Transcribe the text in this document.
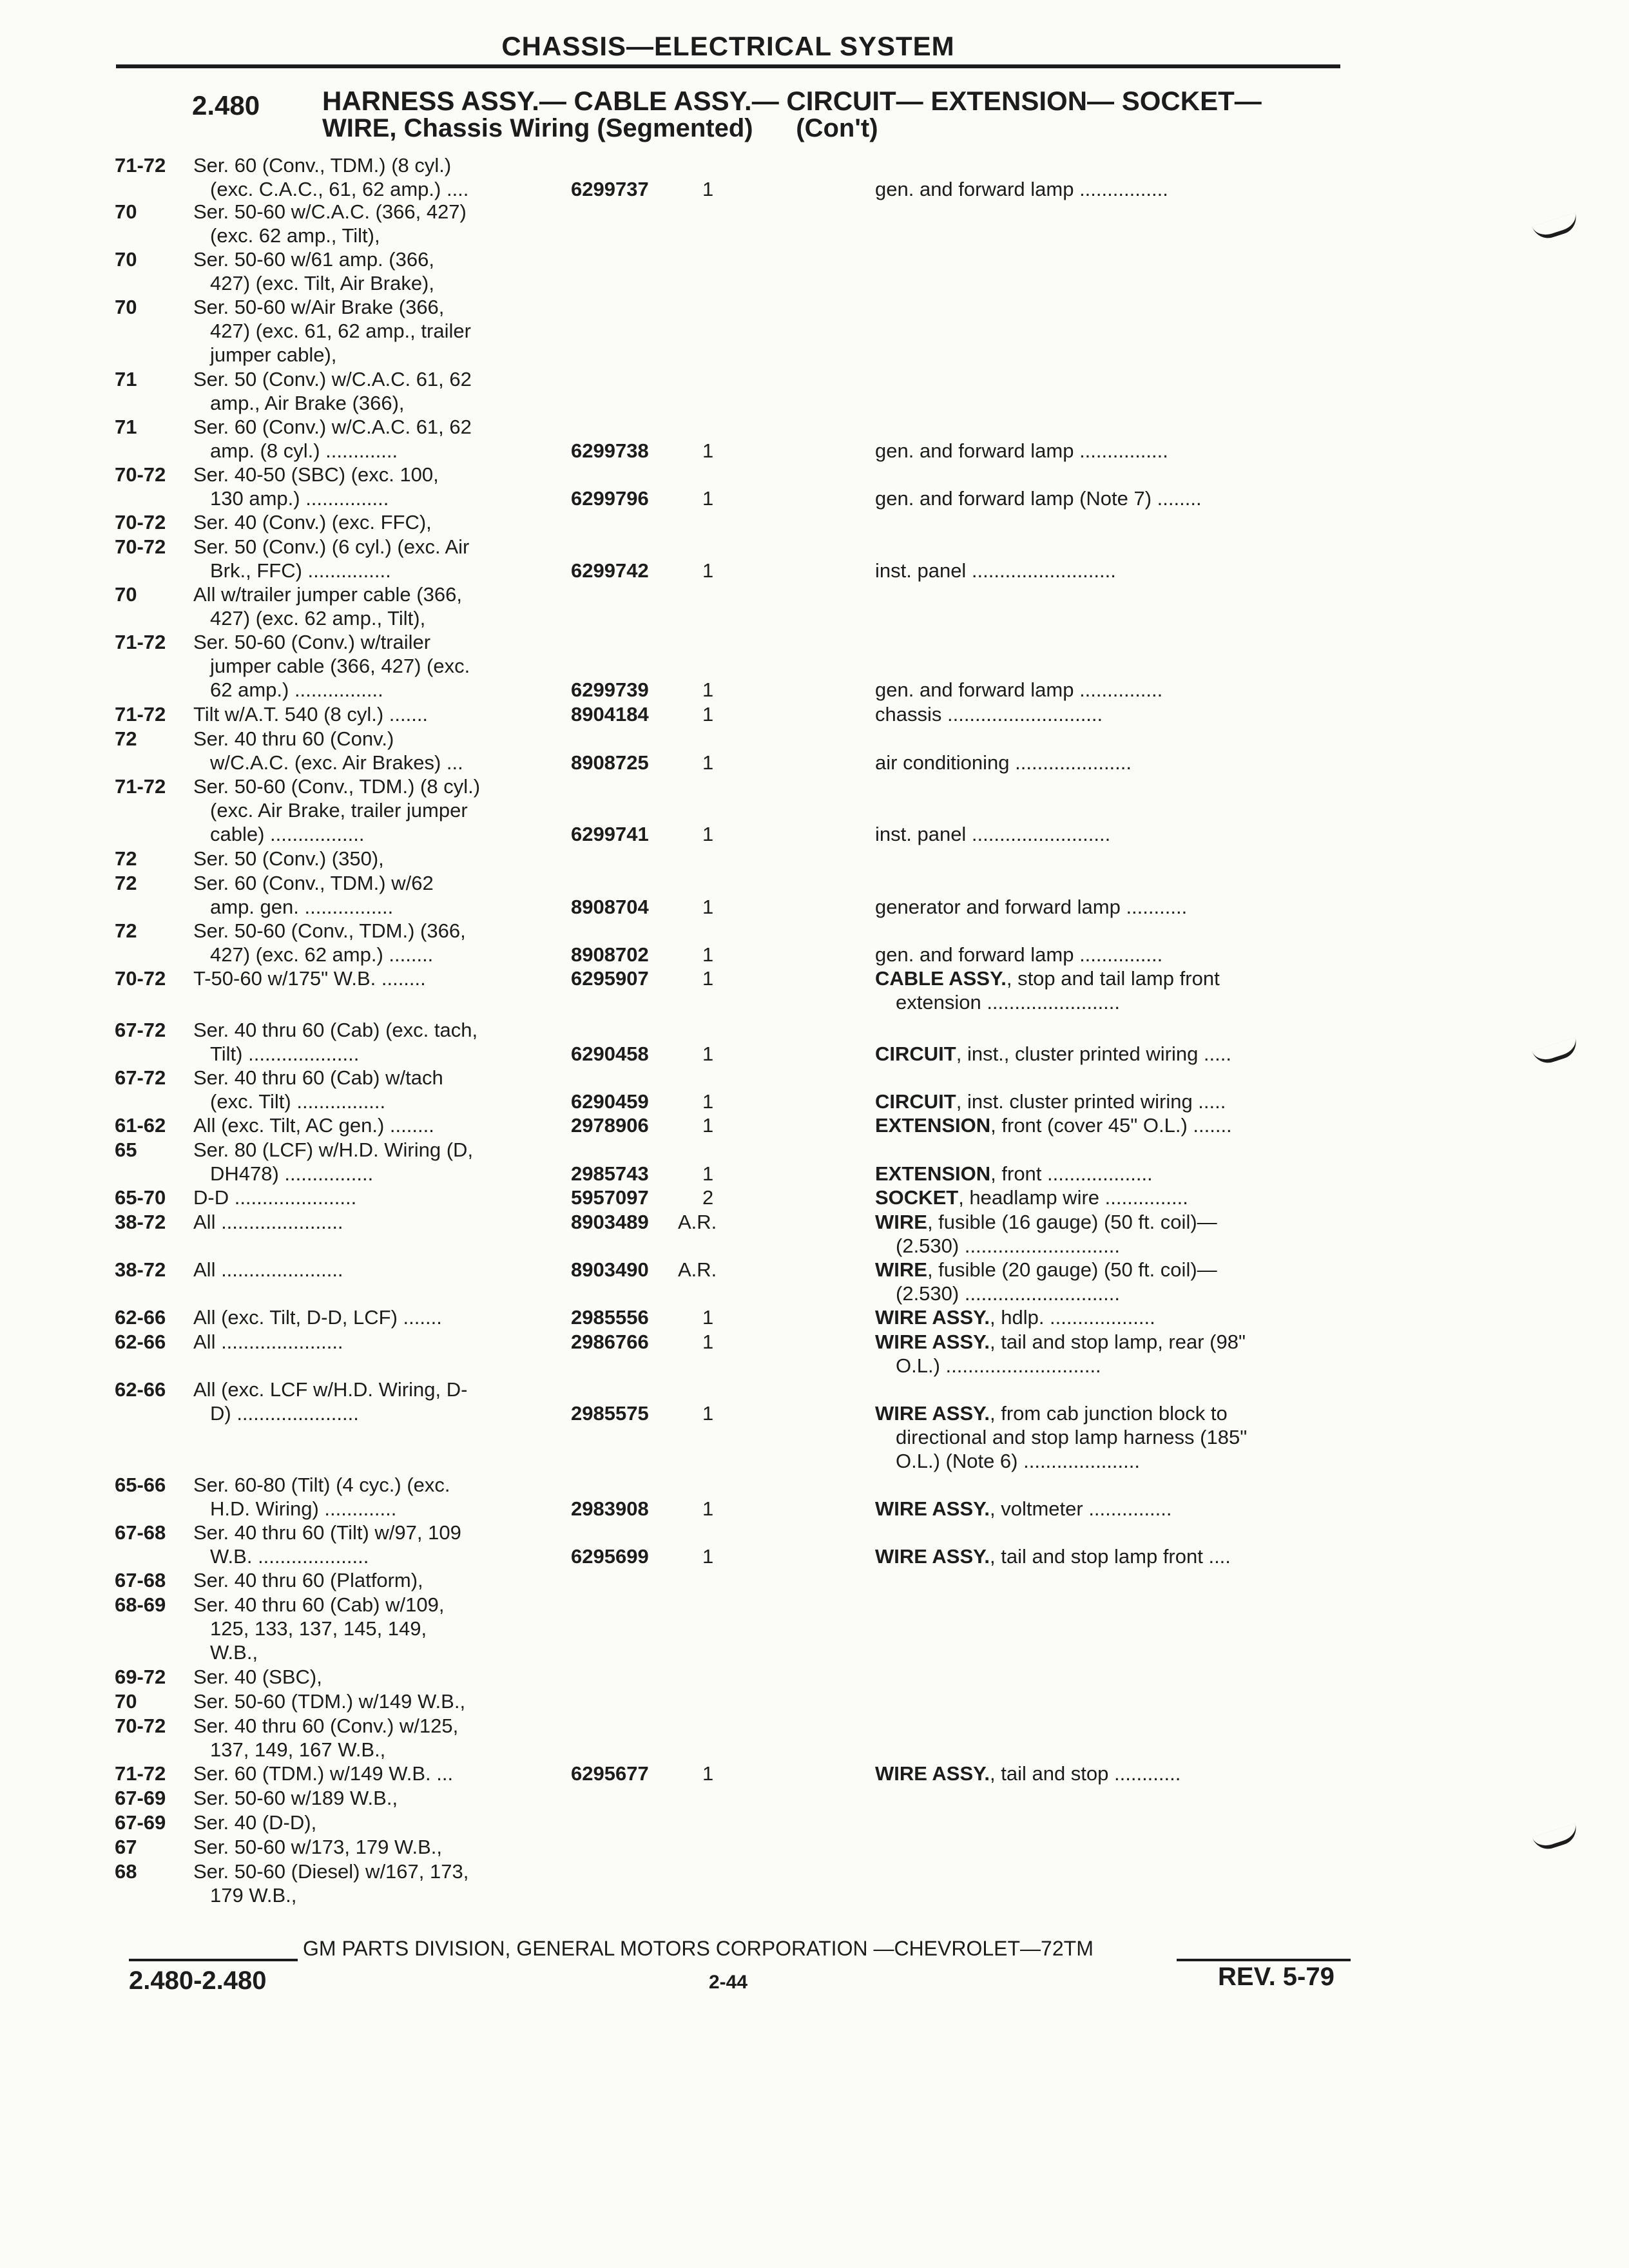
CHASSIS—ELECTRICAL SYSTEM
2.480 HARNESS ASSY.— CABLE ASSY.— CIRCUIT— EXTENSION— SOCKET—
WIRE, Chassis Wiring (Segmented)      (Con't)
71-72 Ser. 60 (Conv., TDM.) (8 cyl.)
(exc. C.A.C., 61, 62 amp.) ....	6299737	1	gen. and forward lamp ................
70	Ser. 50-60 w/C.A.C. (366, 427)
(exc. 62 amp., Tilt),
70	Ser. 50-60 w/61 amp. (366,
427) (exc. Tilt, Air Brake),
70	Ser. 50-60 w/Air Brake (366,
427) (exc. 61, 62 amp., trailer
jumper cable),
71	Ser. 50 (Conv.) w/C.A.C. 61, 62
amp., Air Brake (366),
71	Ser. 60 (Conv.) w/C.A.C. 61, 62
amp. (8 cyl.) .............	6299738	1	gen. and forward lamp ................
70-72 Ser. 40-50 (SBC) (exc. 100,
130 amp.) ...............	6299796	1	gen. and forward lamp (Note 7) ........
70-72 Ser. 40 (Conv.) (exc. FFC),
70-72 Ser. 50 (Conv.) (6 cyl.) (exc. Air
Brk., FFC) ...............	6299742	1	inst. panel ..........................
70	All w/trailer jumper cable (366,
427) (exc. 62 amp., Tilt),
71-72 Ser. 50-60 (Conv.) w/trailer
jumper cable (366, 427) (exc.
62 amp.) ................	6299739	1	gen. and forward lamp ...............
71-72 Tilt w/A.T. 540 (8 cyl.) .......	8904184	1	chassis ............................
72	Ser. 40 thru 60 (Conv.)
w/C.A.C. (exc. Air Brakes) ...	8908725	1	air conditioning .....................
71-72 Ser. 50-60 (Conv., TDM.) (8 cyl.)
(exc. Air Brake, trailer jumper
cable) .................	6299741	1	inst. panel .........................
72	Ser. 50 (Conv.) (350),
72	Ser. 60 (Conv., TDM.) w/62
amp. gen. ................	8908704	1	generator and forward lamp ...........
72	Ser. 50-60 (Conv., TDM.) (366,
427) (exc. 62 amp.) ........	8908702	1	gen. and forward lamp ...............
70-72 T-50-60 w/175" W.B. ........	6295907	1	CABLE ASSY., stop and tail lamp front
extension ........................
67-72 Ser. 40 thru 60 (Cab) (exc. tach,
Tilt) ....................	6290458	1	CIRCUIT, inst., cluster printed wiring .....
67-72 Ser. 40 thru 60 (Cab) w/tach
(exc. Tilt) ................	6290459	1	CIRCUIT, inst. cluster printed wiring .....
61-62 All (exc. Tilt, AC gen.) ........	2978906	1	EXTENSION, front (cover 45" O.L.) .......
65	Ser. 80 (LCF) w/H.D. Wiring (D,
DH478) ................	2985743	1	EXTENSION, front ...................
65-70 D-D ......................	5957097	2	SOCKET, headlamp wire ...............
38-72 All ......................	8903489 A.R.	WIRE, fusible (16 gauge) (50 ft. coil)—
(2.530) ............................
38-72 All ......................	8903490 A.R.	WIRE, fusible (20 gauge) (50 ft. coil)—
(2.530) ............................
62-66 All (exc. Tilt, D-D, LCF) .......	2985556	1	WIRE ASSY., hdlp. ...................
62-66 All ......................	2986766	1	WIRE ASSY., tail and stop lamp, rear (98"
O.L.) ............................
62-66 All (exc. LCF w/H.D. Wiring, D-
D) ......................	2985575	1	WIRE ASSY., from cab junction block to
directional and stop lamp harness (185"
O.L.) (Note 6) .....................
65-66 Ser. 60-80 (Tilt) (4 cyc.) (exc.
H.D. Wiring) .............	2983908	1	WIRE ASSY., voltmeter ...............
67-68 Ser. 40 thru 60 (Tilt) w/97, 109
W.B. ....................	6295699	1	WIRE ASSY., tail and stop lamp front ....
67-68 Ser. 40 thru 60 (Platform),
68-69 Ser. 40 thru 60 (Cab) w/109,
125, 133, 137, 145, 149,
W.B.,
69-72 Ser. 40 (SBC),
70	Ser. 50-60 (TDM.) w/149 W.B.,
70-72 Ser. 40 thru 60 (Conv.) w/125,
137, 149, 167 W.B.,
71-72 Ser. 60 (TDM.) w/149 W.B. ...	6295677	1	WIRE ASSY., tail and stop ............
67-69 Ser. 50-60 w/189 W.B.,
67-69 Ser. 40 (D-D),
67	Ser. 50-60 w/173, 179 W.B.,
68	Ser. 50-60 (Diesel) w/167, 173,
179 W.B.,
GM PARTS DIVISION, GENERAL MOTORS CORPORATION —CHEVROLET—72TM
2.480-2.480	2-44	REV. 5-79
